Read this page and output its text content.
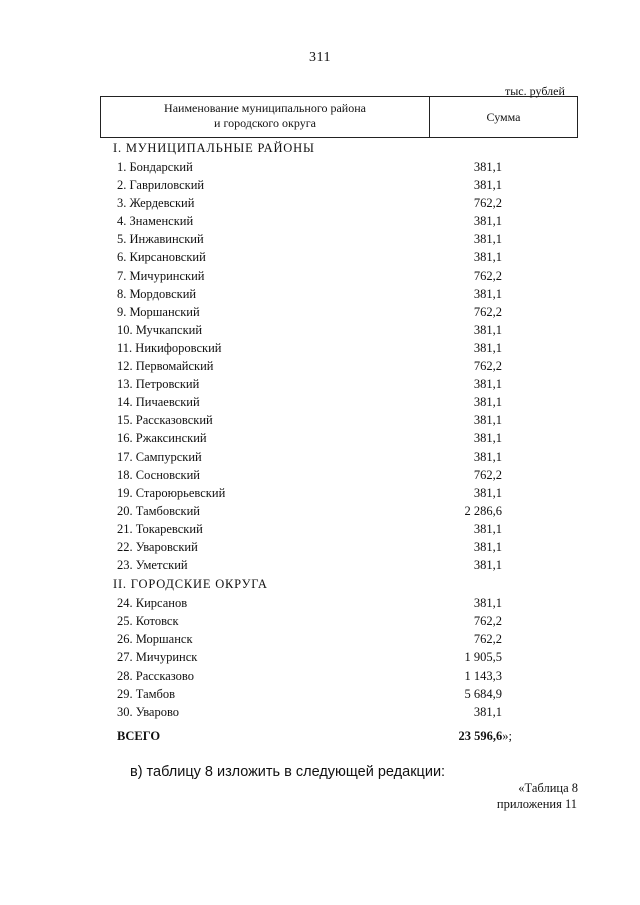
311
тыс. рублей
Наименование муниципального района
и городского округа	Сумма
I. МУНИЦИПАЛЬНЫЕ РАЙОНЫ
1. Бондарский	381,1
2. Гавриловский	381,1
3. Жердевский	762,2
4. Знаменский	381,1
5. Инжавинский	381,1
6. Кирсановский	381,1
7. Мичуринский	762,2
8. Мордовский	381,1
9. Моршанский	762,2
10. Мучкапский	381,1
11. Никифоровский	381,1
12. Первомайский	762,2
13. Петровский	381,1
14. Пичаевский	381,1
15. Рассказовский	381,1
16. Ржаксинский	381,1
17. Сампурский	381,1
18. Сосновский	762,2
19. Староюрьевский	381,1
20. Тамбовский	2 286,6
21. Токаревский	381,1
22. Уваровский	381,1
23. Уметский	381,1
II. ГОРОДСКИЕ ОКРУГА
24. Кирсанов	381,1
25. Котовск	762,2
26. Моршанск	762,2
27. Мичуринск	1 905,5
28. Рассказово	1 143,3
29. Тамбов	5 684,9
30. Уварово	381,1
ВСЕГО	23 596,6»;
в) таблицу 8 изложить в следующей редакции:
«Таблица 8
приложения 11
